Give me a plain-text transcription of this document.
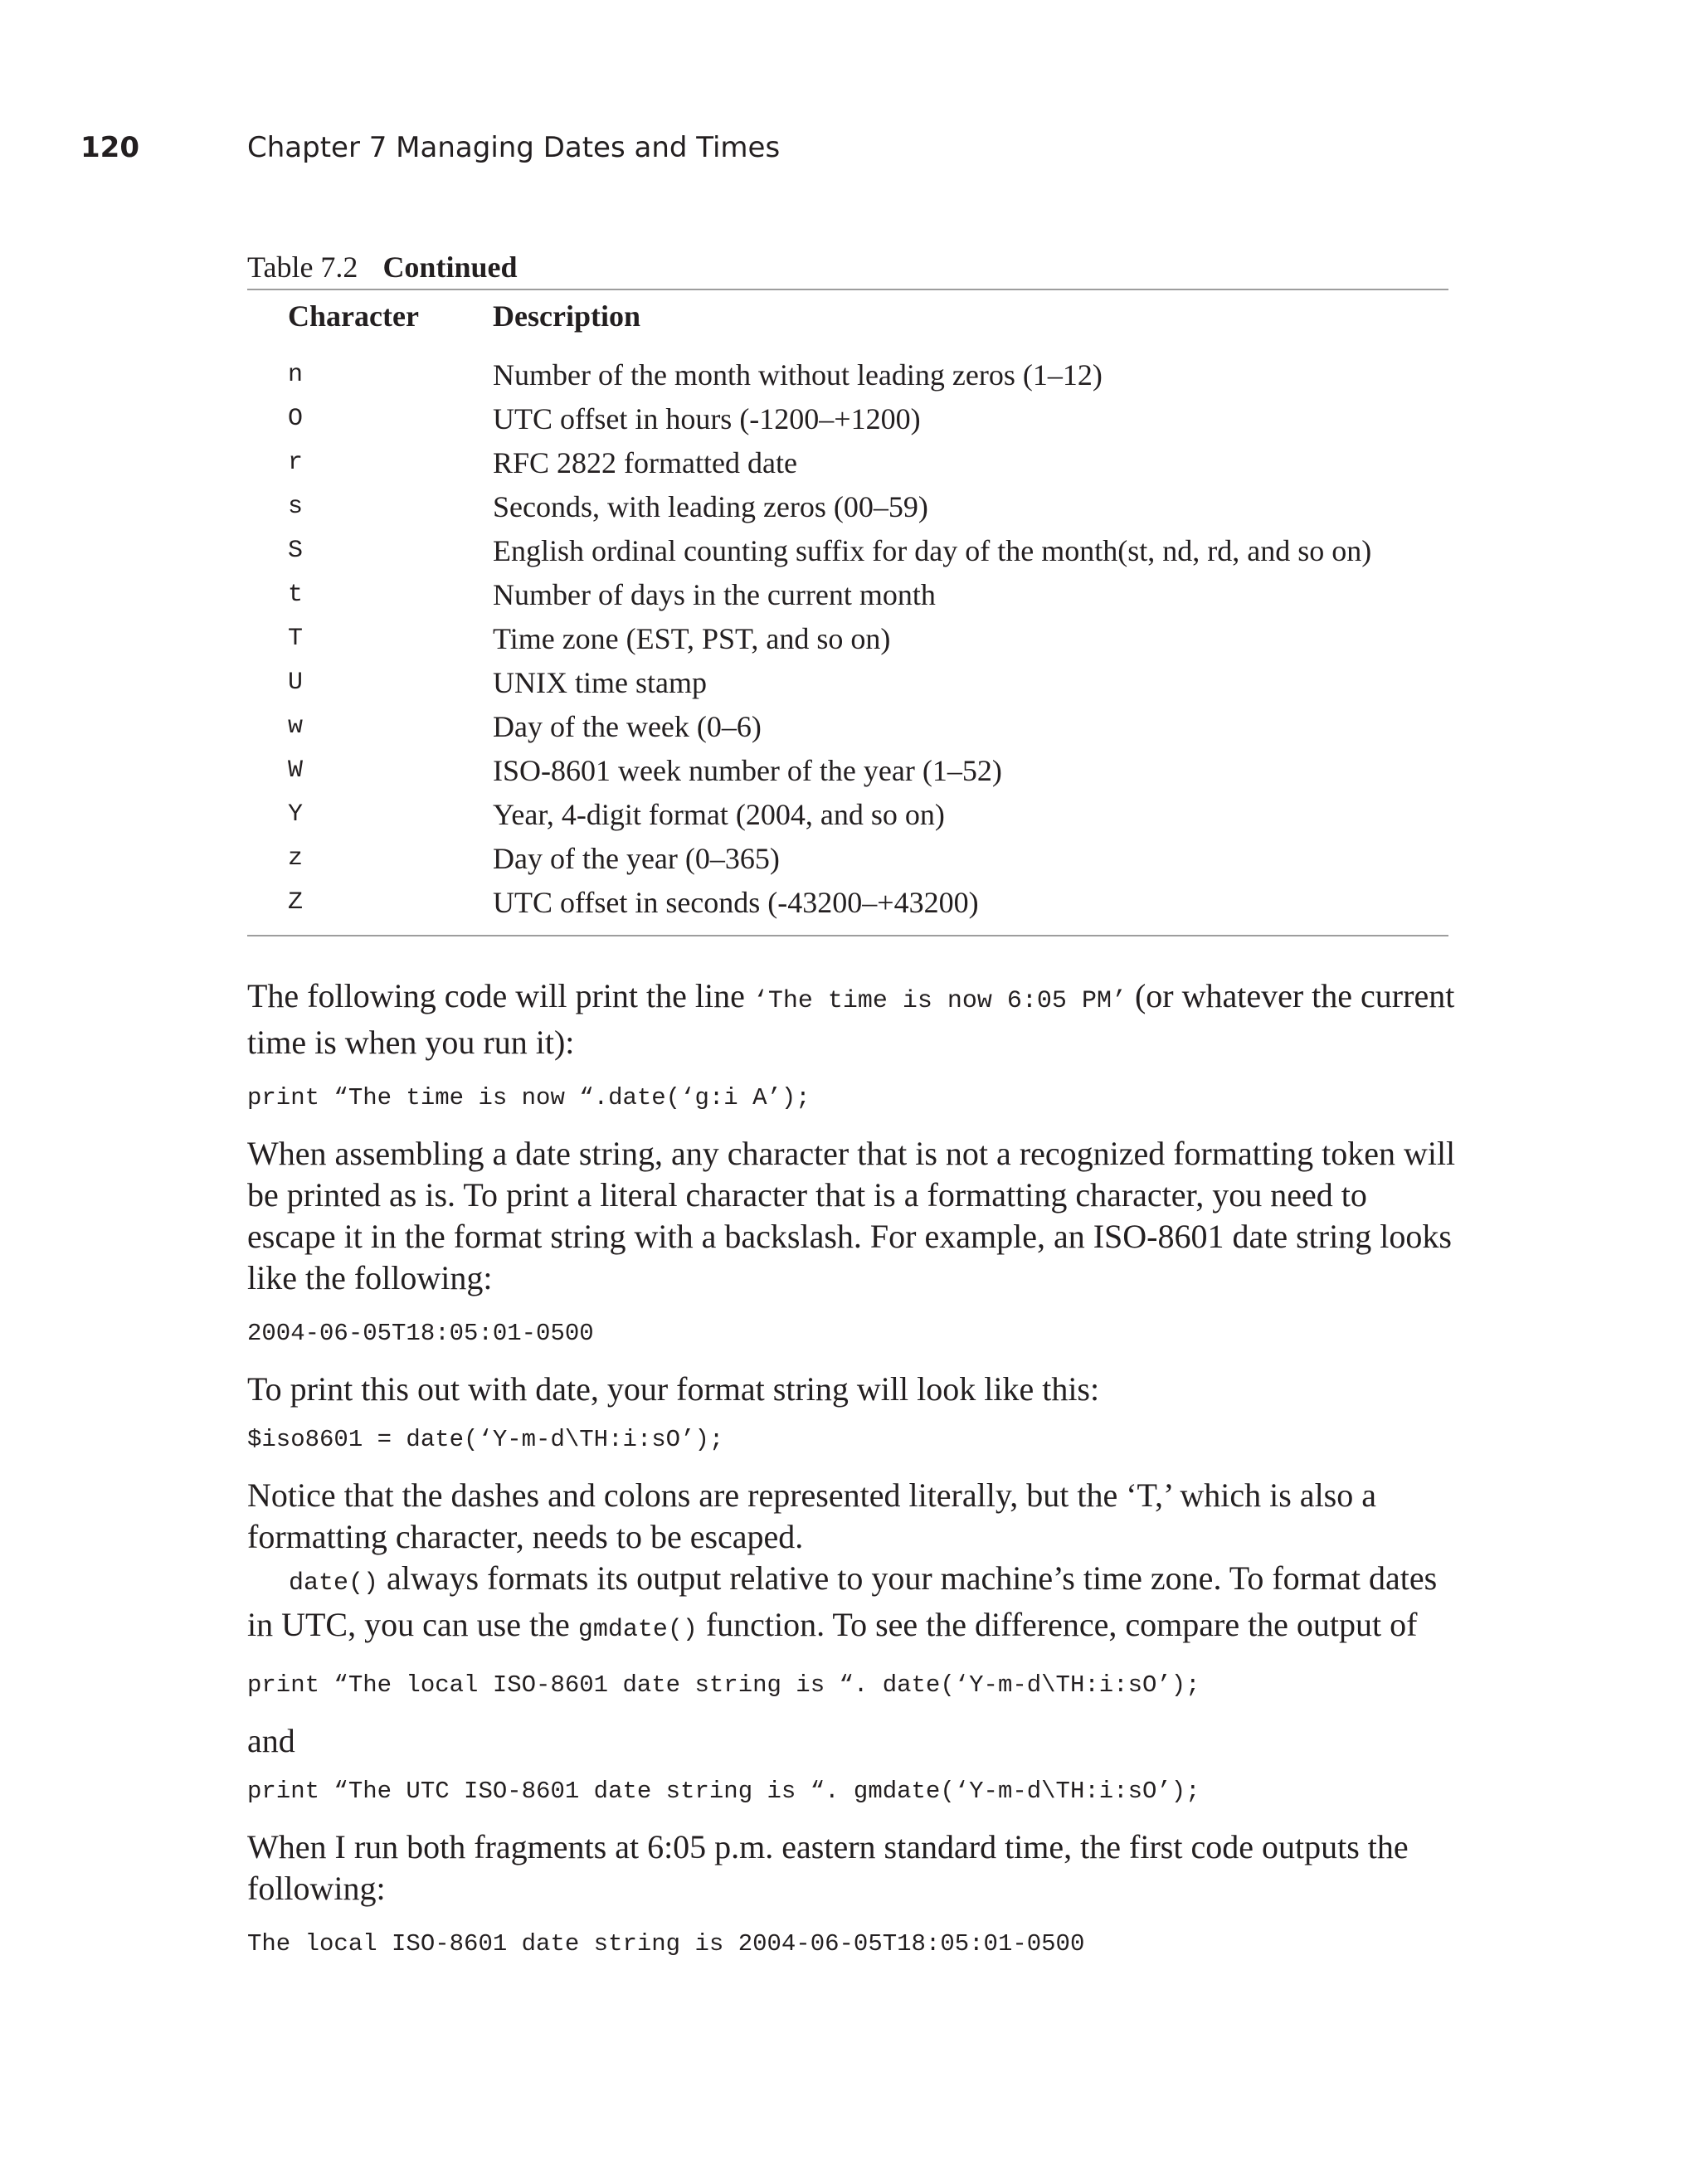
120	Chapter 7 Managing Dates and Times
Table 7.2 Continued
Character Description
n	Number of the month without leading zeros (1–12)
O	UTC offset in hours (-1200–+1200)
r	RFC 2822 formatted date
s	Seconds, with leading zeros (00–59)
S	English ordinal counting suffix for day of the month(st, nd, rd, and so on)
t	Number of days in the current month
T	Time zone (EST, PST, and so on)
U	UNIX time stamp
w	Day of the week (0–6)
W	ISO-8601 week number of the year (1–52)
Y	Year, 4-digit format (2004, and so on)
z	Day of the year (0–365)
Z	UTC offset in seconds (-43200–+43200)

The following code will print the line ‘The time is now 6:05 PM’ (or whatever the current time is when you run it):

print “The time is now “.date(‘g:i A’);

When assembling a date string, any character that is not a recognized formatting token will be printed as is. To print a literal character that is a formatting character, you need to escape it in the format string with a backslash. For example, an ISO-8601 date string looks like the following:

2004-06-05T18:05:01-0500

To print this out with date, your format string will look like this:

$iso8601 = date(‘Y-m-d\TH:i:sO’);

Notice that the dashes and colons are represented literally, but the ‘T,’ which is also a formatting character, needs to be escaped.

date() always formats its output relative to your machine’s time zone. To format dates in UTC, you can use the gmdate() function. To see the difference, compare the output of

print “The local ISO-8601 date string is “. date(‘Y-m-d\TH:i:sO’);

and

print “The UTC ISO-8601 date string is “. gmdate(‘Y-m-d\TH:i:sO’);

When I run both fragments at 6:05 p.m. eastern standard time, the first code outputs the following:

The local ISO-8601 date string is 2004-06-05T18:05:01-0500
